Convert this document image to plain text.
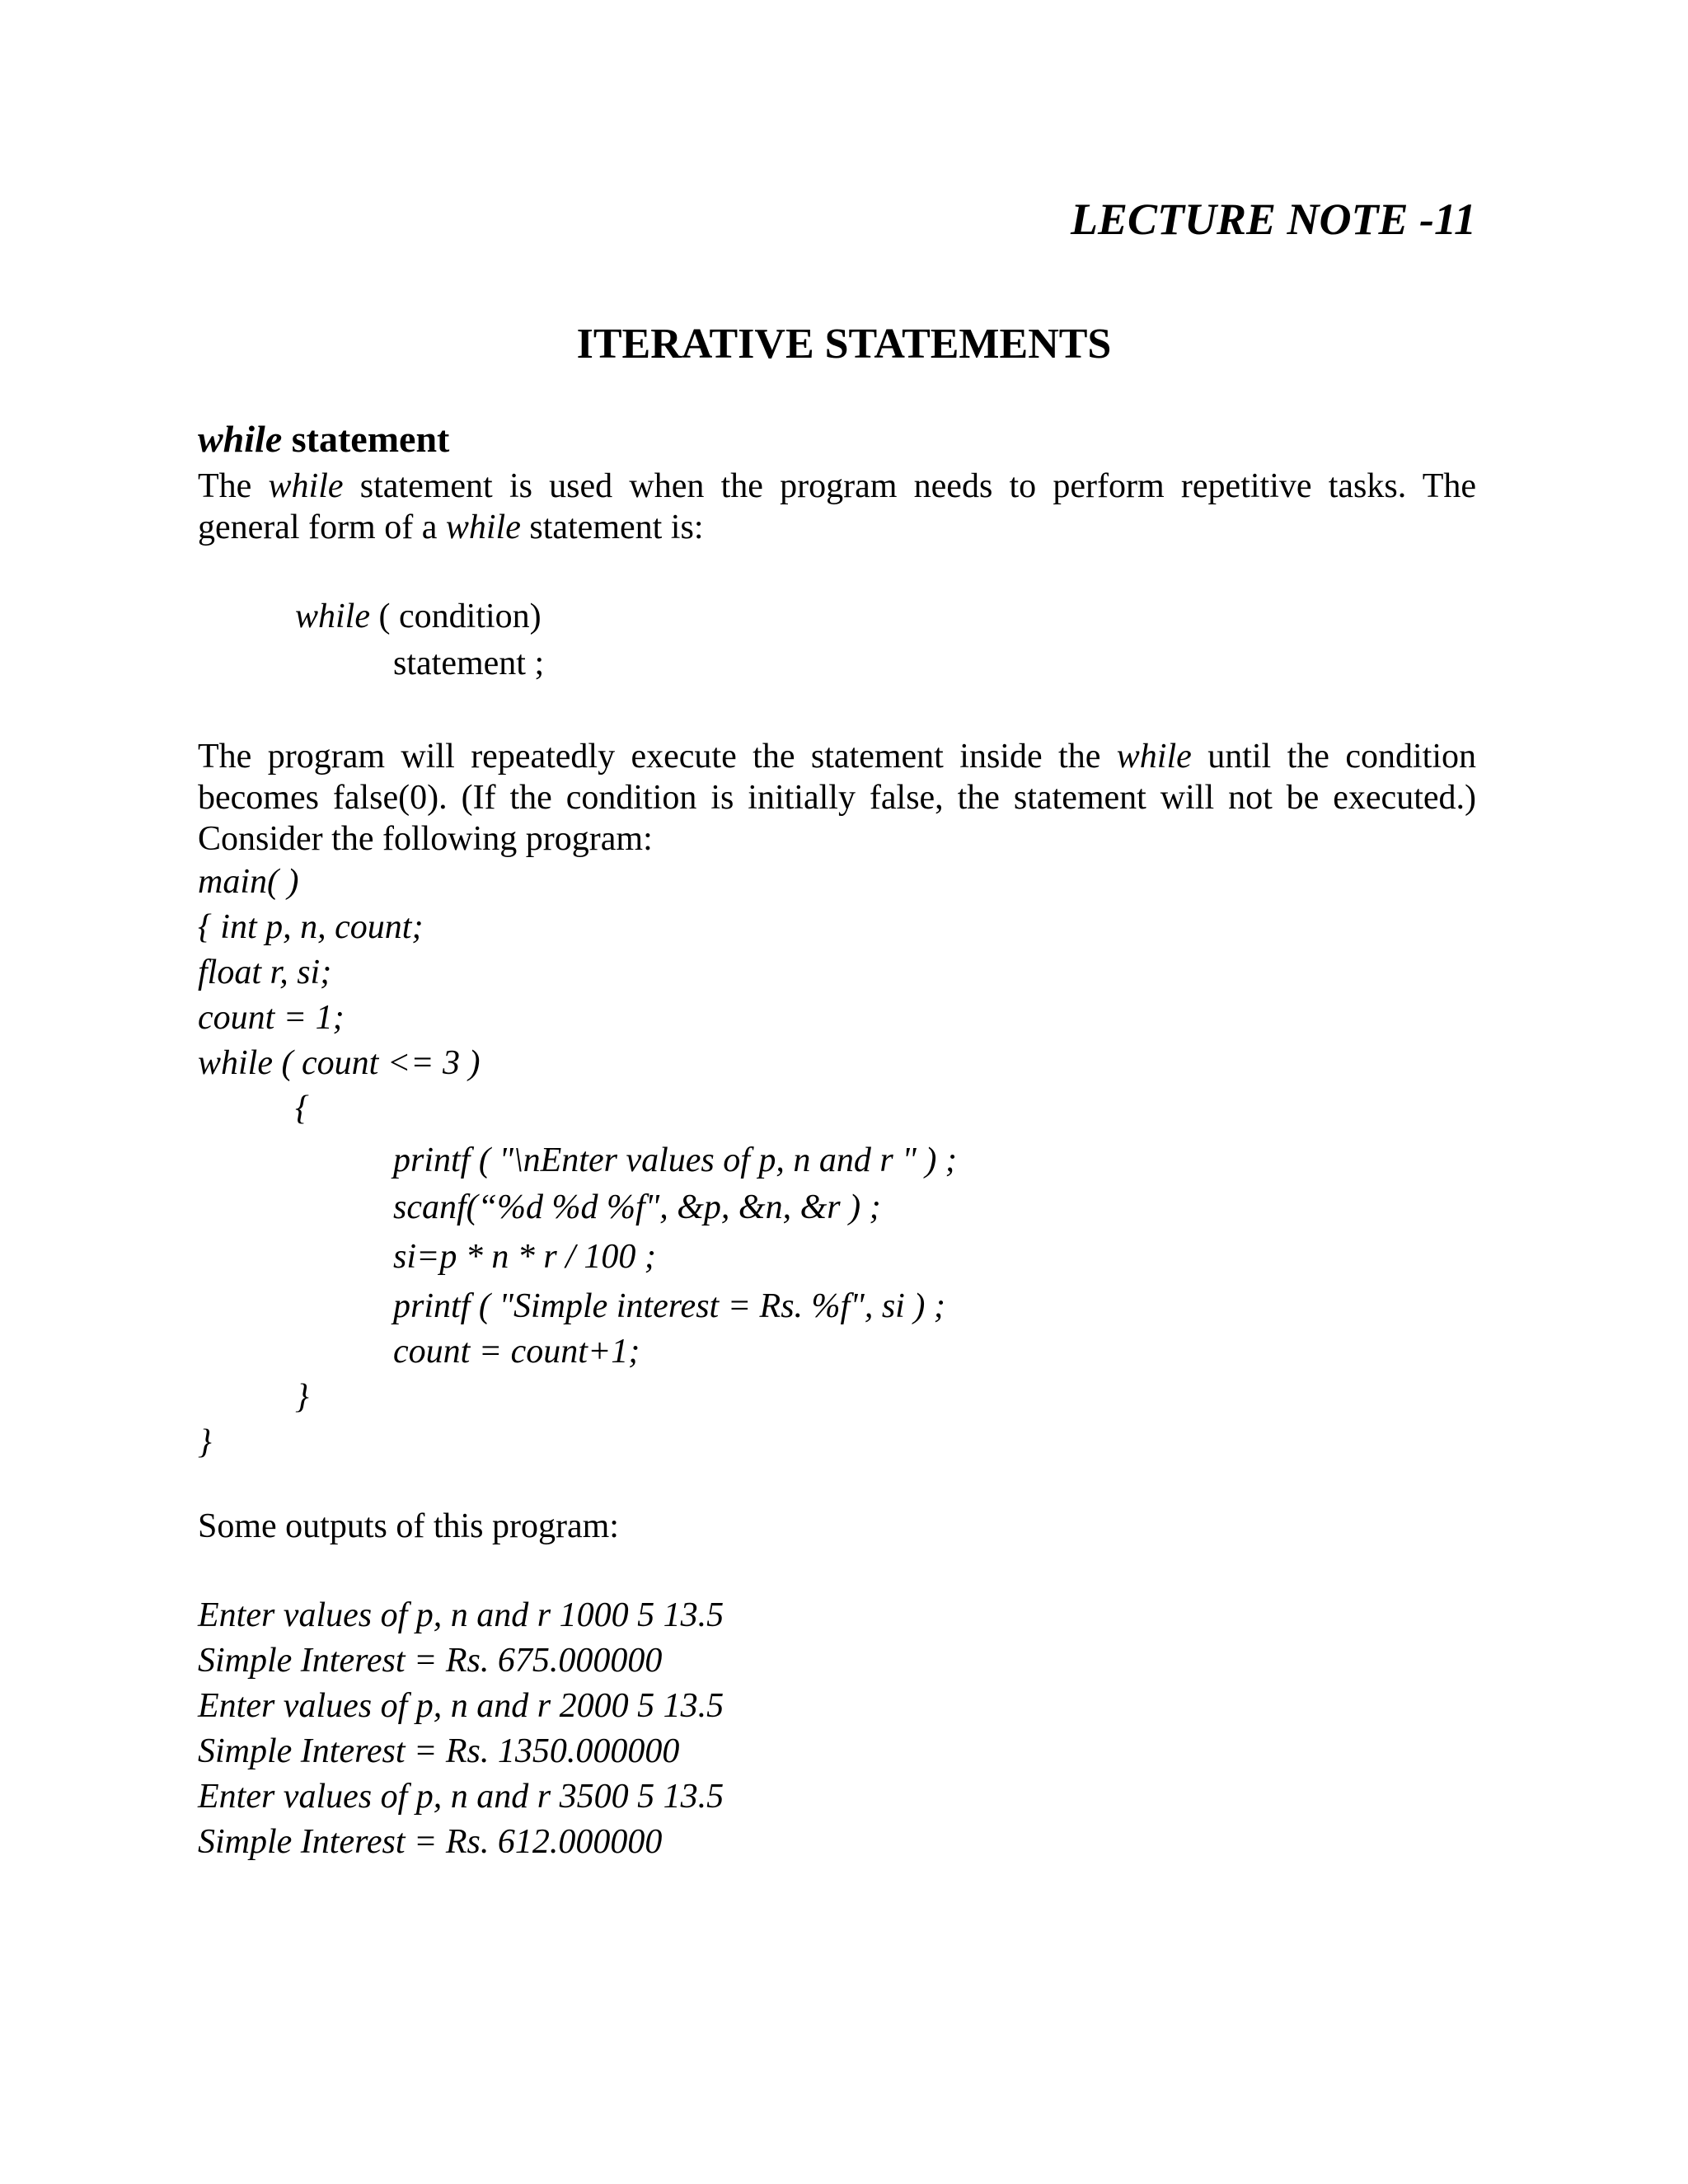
LECTURE NOTE -11
ITERATIVE STATEMENTS
while statement
The while statement is used when the program needs to perform repetitive tasks. The general form of a while statement is:
while ( condition)
statement ;
The program will repeatedly execute the statement inside the while until the condition becomes false(0). (If the condition is initially false, the statement will not be executed.) Consider the following program:
main( )
{ int p, n, count;
float r, si;
count = 1;
while ( count <= 3 )
{
printf ( "\nEnter values of p, n and r " ) ;
scanf(“%d %d %f", &p, &n, &r ) ;
si=p * n * r / 100 ;
printf ( "Simple interest = Rs. %f", si ) ;
count = count+1;
}
}
Some outputs of this program:
Enter values of p, n and r 1000 5 13.5
Simple Interest = Rs. 675.000000
Enter values of p, n and r 2000 5 13.5
Simple Interest = Rs. 1350.000000
Enter values of p, n and r 3500 5 13.5
Simple Interest = Rs. 612.000000
